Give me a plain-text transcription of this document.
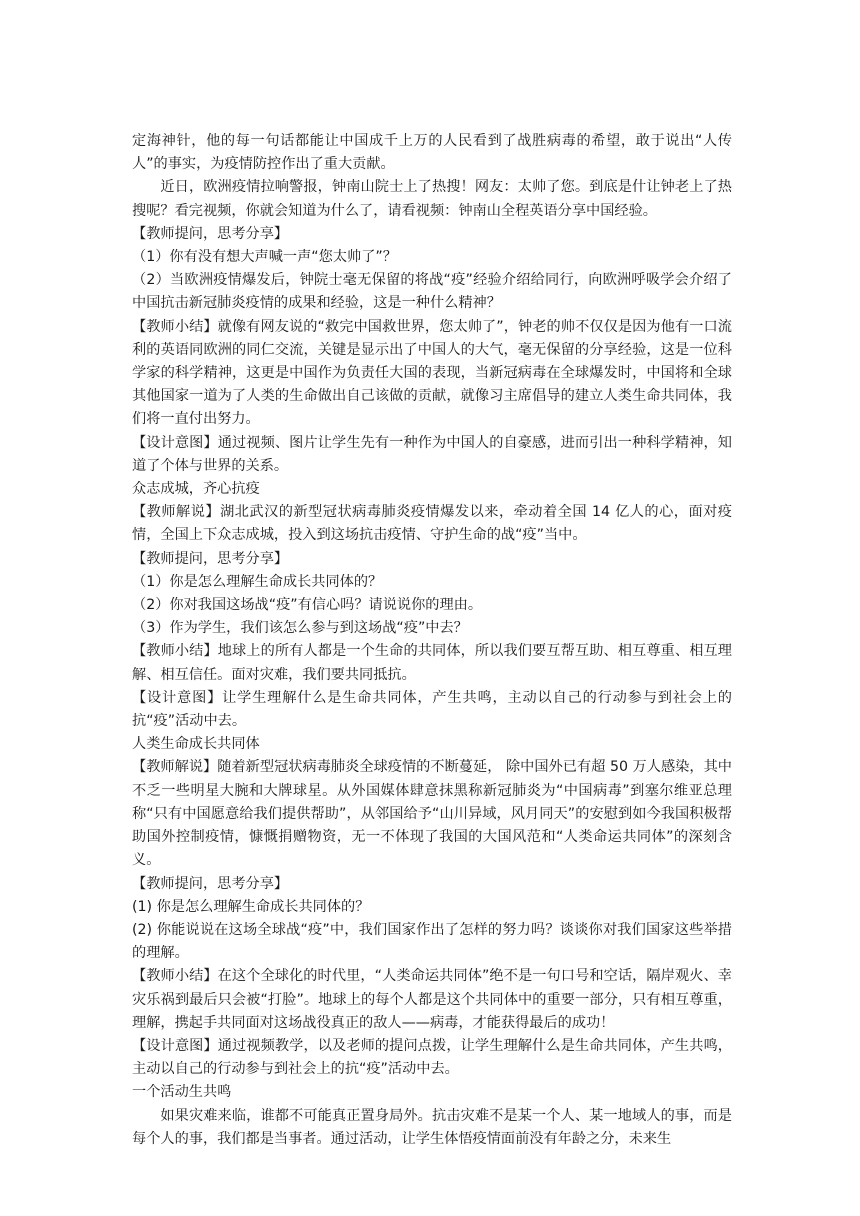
定海神针，他的每一句话都能让中国成千上万的人民看到了战胜病毒的希望，敢于说出“人传人”的事实，为疫情防控作出了重大贡献。

近日，欧洲疫情拉响警报，钟南山院士上了热搜！网友：太帅了您。到底是什让钟老上了热搜呢？看完视频，你就会知道为什么了，请看视频：钟南山全程英语分享中国经验。

【教师提问，思考分享】

（1）你有没有想大声喊一声“您太帅了”？

（2）当欧洲疫情爆发后，钟院士毫无保留的将战“疫”经验介绍给同行，向欧洲呼吸学会介绍了中国抗击新冠肺炎疫情的成果和经验，这是一种什么精神？

【教师小结】就像有网友说的“救完中国救世界，您太帅了”，钟老的帅不仅仅是因为他有一口流利的英语同欧洲的同仁交流，关键是显示出了中国人的大气，毫无保留的分享经验，这是一位科学家的科学精神，这更是中国作为负责任大国的表现，当新冠病毒在全球爆发时，中国将和全球其他国家一道为了人类的生命做出自己该做的贡献，就像习主席倡导的建立人类生命共同体，我们将一直付出努力。

【设计意图】通过视频、图片让学生先有一种作为中国人的自豪感，进而引出一种科学精神，知道了个体与世界的关系。

众志成城，齐心抗疫

【教师解说】湖北武汉的新型冠状病毒肺炎疫情爆发以来，牵动着全国 14 亿人的心，面对疫情，全国上下众志成城，投入到这场抗击疫情、守护生命的战“疫”当中。

【教师提问，思考分享】

（1）你是怎么理解生命成长共同体的？

（2）你对我国这场战“疫”有信心吗？请说说你的理由。

（3）作为学生，我们该怎么参与到这场战“疫”中去？

【教师小结】地球上的所有人都是一个生命的共同体，所以我们要互帮互助、相互尊重、相互理解、相互信任。面对灾难，我们要共同抵抗。

【设计意图】让学生理解什么是生命共同体，产生共鸣，主动以自己的行动参与到社会上的抗“疫”活动中去。

人类生命成长共同体

【教师解说】随着新型冠状病毒肺炎全球疫情的不断蔓延， 除中国外已有超 50 万人感染，其中不乏一些明星大腕和大牌球星。从外国媒体肆意抹黑称新冠肺炎为“中国病毒”到塞尔维亚总理称“只有中国愿意给我们提供帮助”，从邻国给予“山川异域，风月同天”的安慰到如今我国积极帮助国外控制疫情，慷慨捐赠物资，无一不体现了我国的大国风范和“人类命运共同体”的深刻含义。

【教师提问，思考分享】

(1) 你是怎么理解生命成长共同体的？

(2) 你能说说在这场全球战“疫”中，我们国家作出了怎样的努力吗？谈谈你对我们国家这些举措的理解。

【教师小结】在这个全球化的时代里，“人类命运共同体”绝不是一句口号和空话，隔岸观火、幸灾乐祸到最后只会被“打脸”。地球上的每个人都是这个共同体中的重要一部分，只有相互尊重，理解，携起手共同面对这场战役真正的敌人——病毒，才能获得最后的成功！

【设计意图】通过视频教学，以及老师的提问点拨，让学生理解什么是生命共同体，产生共鸣，主动以自己的行动参与到社会上的抗“疫”活动中去。

一个活动生共鸣

如果灾难来临，谁都不可能真正置身局外。抗击灾难不是某一个人、某一地域人的事，而是每个人的事，我们都是当事者。通过活动，让学生体悟疫情面前没有年龄之分，未来生
